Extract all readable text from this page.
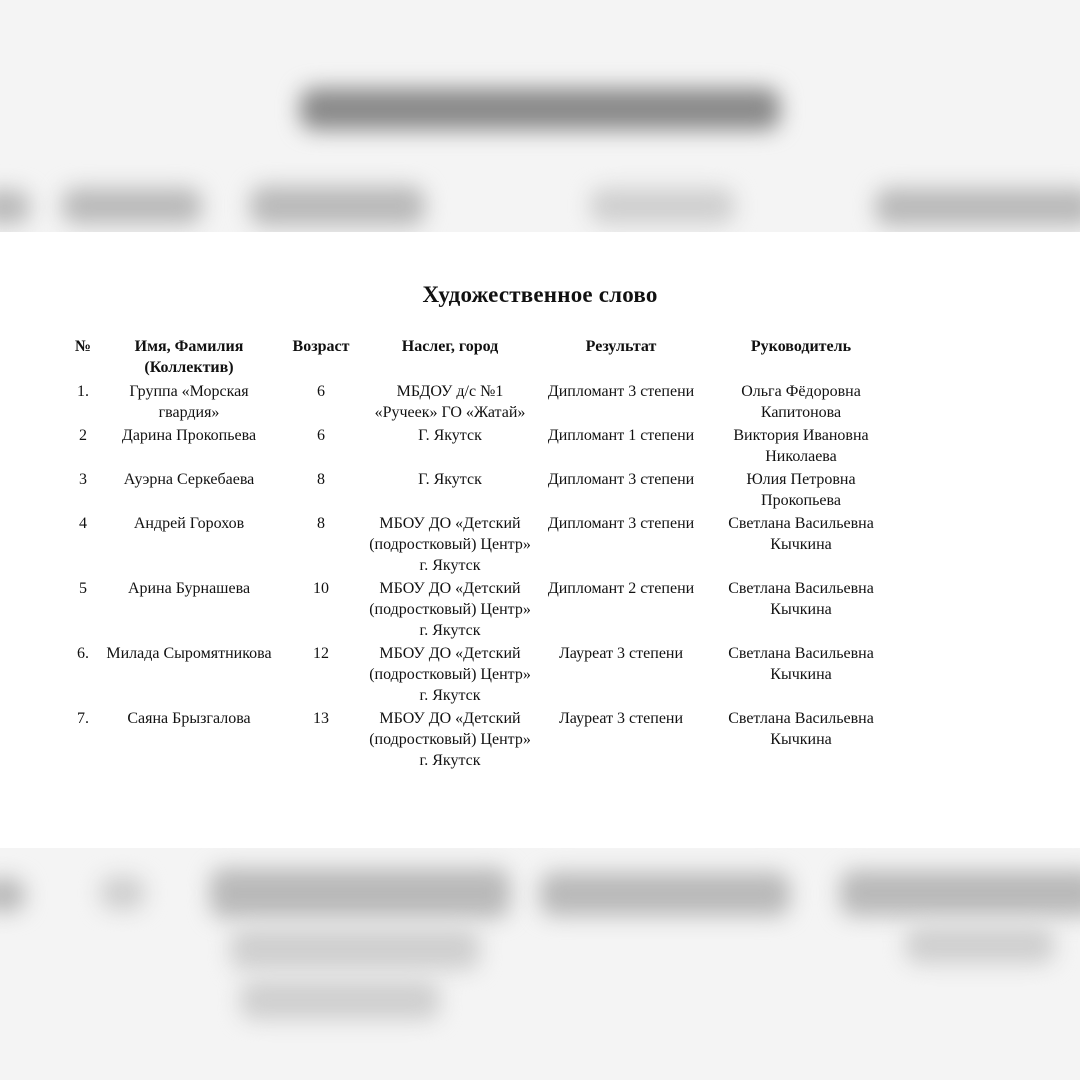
Художественное слово
№	Имя, Фамилия (Коллектив)	Возраст	Наслег, город	Результат	Руководитель
1.	Группа «Морская гвардия»	6	МБДОУ д/с №1 «Ручеек» ГО «Жатай»	Дипломант 3 степени	Ольга Фёдоровна Капитонова
2	Дарина Прокопьева	6	Г. Якутск	Дипломант 1 степени	Виктория Ивановна Николаева
3	Ауэрна Серкебаева	8	Г. Якутск	Дипломант 3 степени	Юлия Петровна Прокопьева
4	Андрей Горохов	8	МБОУ ДО «Детский (подростковый) Центр» г. Якутск	Дипломант 3 степени	Светлана Васильевна Кычкина
5	Арина Бурнашева	10	МБОУ ДО «Детский (подростковый) Центр» г. Якутск	Дипломант 2 степени	Светлана Васильевна Кычкина
6.	Милада Сыромятникова	12	МБОУ ДО «Детский (подростковый) Центр» г. Якутск	Лауреат 3 степени	Светлана Васильевна Кычкина
7.	Саяна Брызгалова	13	МБОУ ДО «Детский (подростковый) Центр» г. Якутск	Лауреат 3 степени	Светлана Васильевна Кычкина
